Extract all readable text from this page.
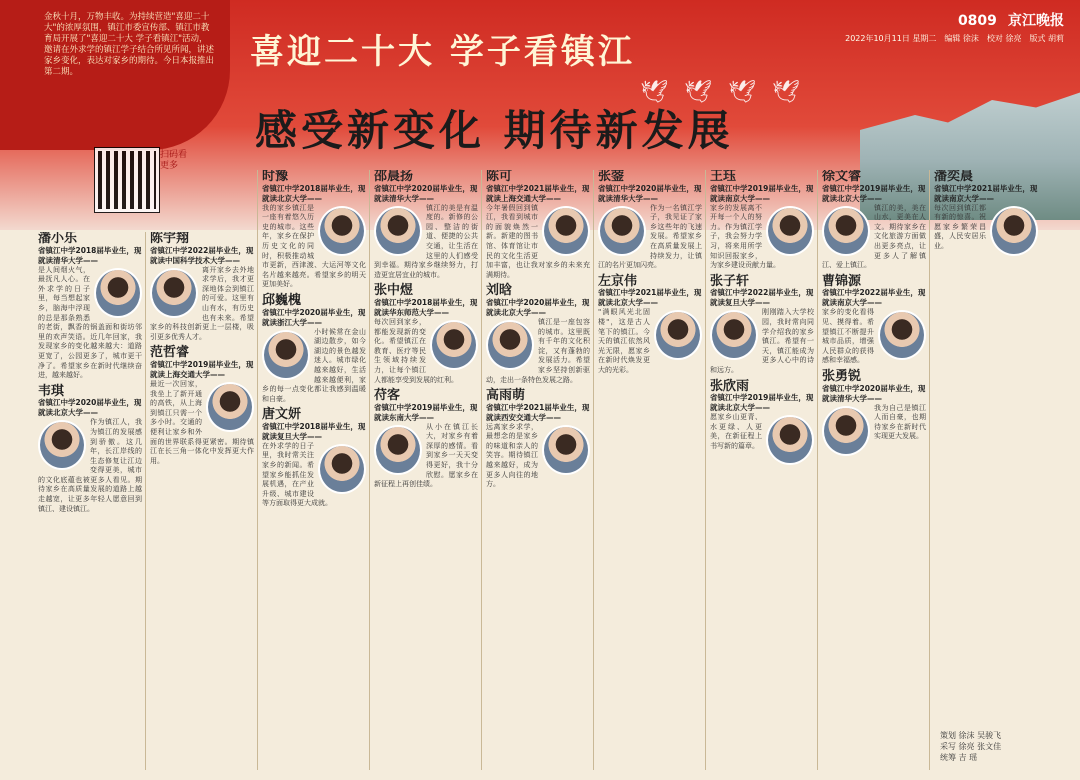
金秋十月，万物丰收。为持续营造"喜迎二十大"的浓厚氛围，镇江市委宣传部、镇江市教育局开展了"喜迎二十大 学子看镇江"活动，邀请在外求学的镇江学子结合所见所闻，讲述家乡变化，表达对家乡的期待。今日本报推出第二期。	喜迎二十大 学子看镇江
0809 京江晚报
2022年10月11日 星期二　编辑 徐沫　校对 徐亮　版式 胡莉
🕊🕊🕊🕊
感受新变化 期待新发展
扫码看更多
潘小乐
省镇江中学2018届毕业生，现就读清华大学——
是人间烟火气，最抚凡人心。在外求学的日子里，每当想起家乡，脑海中浮现的总是那条熟悉的老街，飘香的锅盖面和街坊邻里的欢声笑语。近几年回家，我发现家乡的变化越来越大：道路更宽了，公园更多了，城市更干净了。希望家乡在新时代继续奋进，越来越好。
韦琪
省镇江中学2020届毕业生，现就读北京大学——
作为镇江人，我为镇江的发展感到骄傲。这几年，长江岸线的生态修复让江边变得更美，城市的文化底蕴也被更多人看见。期待家乡在高质量发展的道路上越走越宽，让更多年轻人愿意回到镇江、建设镇江。
陈宇翔
省镇江中学2022届毕业生，现就读中国科学技术大学——
离开家乡去外地求学后，我才更深地体会到镇江的可爱。这里有山有水，有历史也有未来。希望家乡的科技创新更上一层楼，吸引更多优秀人才。
范哲睿
省镇江中学2019届毕业生，现就读上海交通大学——
最近一次回家，我坐上了新开通的高铁，从上海到镇江只需一个多小时。交通的便利让家乡和外面的世界联系得更紧密。期待镇江在长三角一体化中发挥更大作用。
时豫
省镇江中学2018届毕业生，现就读北京大学——
我的家乡镇江是一座有着悠久历史的城市。这些年，家乡在保护历史文化的同时，积极推动城市更新，西津渡、大运河等文化名片越来越亮。希望家乡的明天更加美好。
邱巍槐
省镇江中学2020届毕业生，现就读浙江大学——
小时候常在金山湖边散步，如今湖边的景色越发迷人。城市绿化越来越好，生活越来越便利，家乡的每一点变化都让我感到温暖和自豪。
唐文妍
省镇江中学2018届毕业生，现就读复旦大学——
在外求学的日子里，我时常关注家乡的新闻。希望家乡能抓住发展机遇，在产业升级、城市建设等方面取得更大成就。
邵晨扬
省镇江中学2020届毕业生，现就读清华大学——
镇江的美是有温度的。新修的公园、整洁的街道、便捷的公共交通，让生活在这里的人们感受到幸福。期待家乡继续努力，打造更宜居宜业的城市。
张中煜
省镇江中学2018届毕业生，现就读华东师范大学——
每次回到家乡，都能发现新的变化。希望镇江在教育、医疗等民生领域持续发力，让每个镇江人都能享受到发展的红利。
苻客
省镇江中学2019届毕业生，现就读东南大学——
从小在镇江长大，对家乡有着深厚的感情。看到家乡一天天变得更好，我十分欣慰。愿家乡在新征程上再创佳绩。
陈可
省镇江中学2021届毕业生，现就读上海交通大学——
今年暑假回到镇江，我看到城市的面貌焕然一新。新建的图书馆、体育馆让市民的文化生活更加丰富，也让我对家乡的未来充满期待。
刘晗
省镇江中学2020届毕业生，现就读北京大学——
镇江是一座包容的城市。这里既有千年的文化积淀，又有蓬勃的发展活力。希望家乡坚持创新驱动，走出一条特色发展之路。
高雨萌
省镇江中学2021届毕业生，现就读西安交通大学——
远离家乡求学，最想念的是家乡的味道和亲人的笑容。期待镇江越来越好，成为更多人向往的地方。
张蓥
省镇江中学2020届毕业生，现就读清华大学——
作为一名镇江学子，我见证了家乡这些年的飞速发展。希望家乡在高质量发展上持续发力，让镇江的名片更加闪亮。
左京伟
省镇江中学2021届毕业生，现就读北京大学——
"满眼风光北固楼"，这是古人笔下的镇江。今天的镇江依然风光无限，愿家乡在新时代焕发更大的光彩。
王珏
省镇江中学2019届毕业生，现就读南京大学——
家乡的发展离不开每一个人的努力。作为镇江学子，我会努力学习，将来用所学知识回报家乡，为家乡建设贡献力量。
张子轩
省镇江中学2022届毕业生，现就读复旦大学——
刚刚踏入大学校园，我时常向同学介绍我的家乡镇江。希望有一天，镇江能成为更多人心中的诗和远方。
张欣雨
省镇江中学2019届毕业生，现就读北京大学——
愿家乡山更青、水更绿、人更美，在新征程上书写新的篇章。
徐文睿
省镇江中学2019届毕业生，现就读北京大学——
镇江的美，美在山水，更美在人文。期待家乡在文化旅游方面做出更多亮点，让更多人了解镇江、爱上镇江。
曹锦源
省镇江中学2022届毕业生，现就读南京大学——
家乡的变化看得见、摸得着。希望镇江不断提升城市品质，增强人民群众的获得感和幸福感。
张勇锐
省镇江中学2020届毕业生，现就读清华大学——
我为自己是镇江人而自豪，也期待家乡在新时代实现更大发展。
潘奕晨
省镇江中学2021届毕业生，现就读南京大学——
每次回到镇江都有新的惊喜。祝愿家乡繁荣昌盛，人民安居乐业。
策划 徐沫 吴骏飞
采写 徐亮 张文佳
统筹 吉 瑶
